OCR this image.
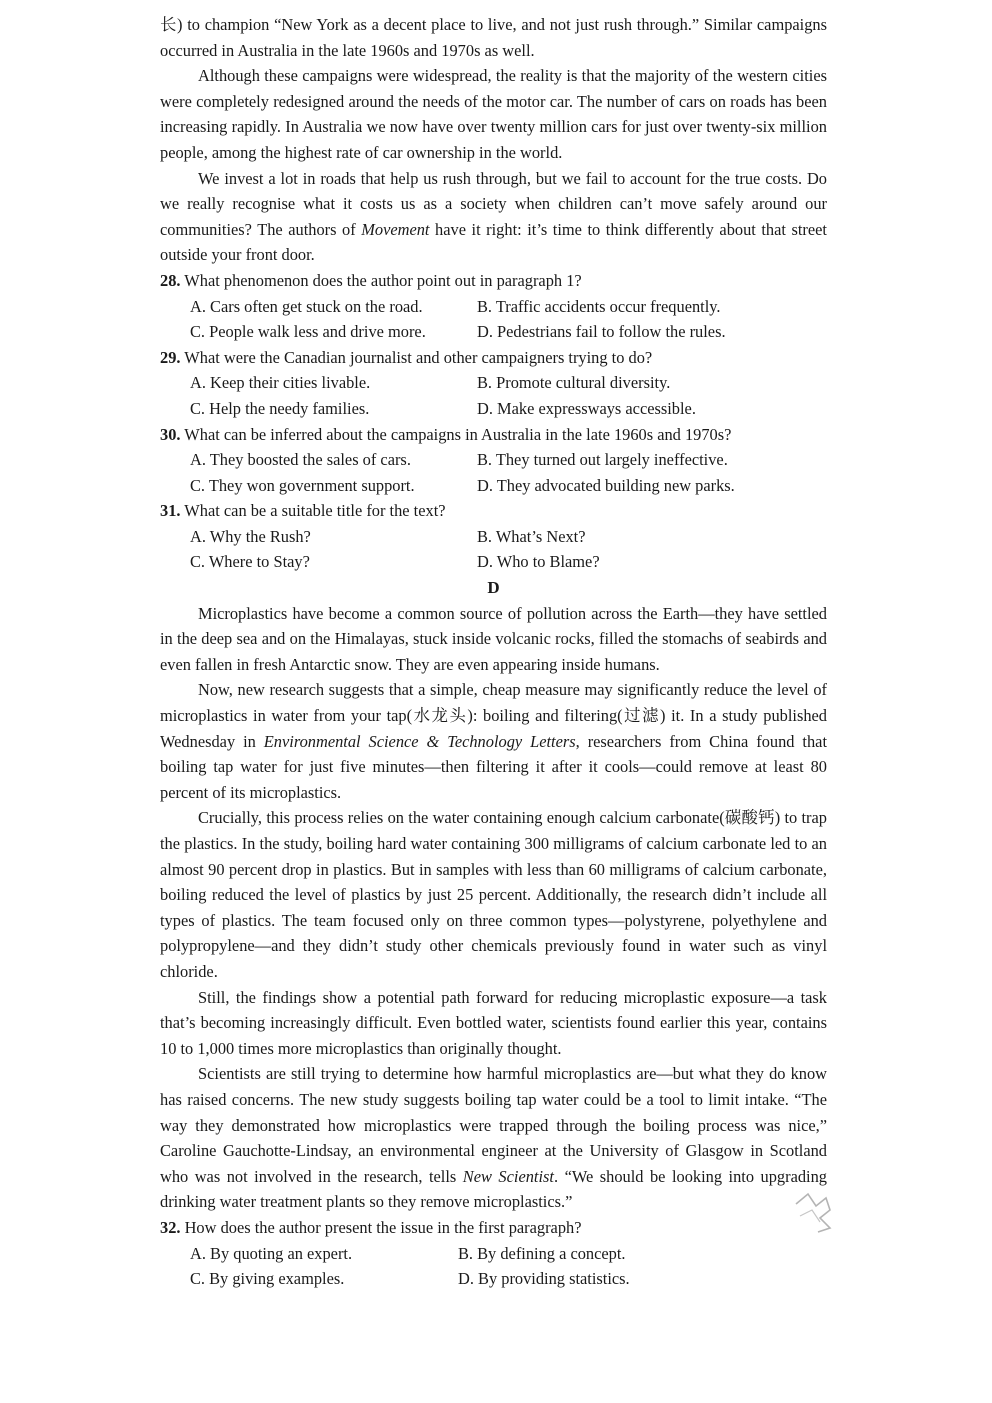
长) to champion “New York as a decent place to live, and not just rush through.” Similar campaigns occurred in Australia in the late 1960s and 1970s as well.

Although these campaigns were widespread, the reality is that the majority of the western cities were completely redesigned around the needs of the motor car. The number of cars on roads has been increasing rapidly. In Australia we now have over twenty million cars for just over twenty-six million people, among the highest rate of car ownership in the world.

We invest a lot in roads that help us rush through, but we fail to account for the true costs. Do we really recognise what it costs us as a society when children can’t move safely around our communities? The authors of Movement have it right: it’s time to think differently about that street outside your front door.

28. What phenomenon does the author point out in paragraph 1?

A. Cars often get stuck on the road.	B. Traffic accidents occur frequently.
C. People walk less and drive more.	D. Pedestrians fail to follow the rules.

29. What were the Canadian journalist and other campaigners trying to do?

A. Keep their cities livable.	B. Promote cultural diversity.
C. Help the needy families.	D. Make expressways accessible.

30. What can be inferred about the campaigns in Australia in the late 1960s and 1970s?

A. They boosted the sales of cars.	B. They turned out largely ineffective.
C. They won government support.	D. They advocated building new parks.

31. What can be a suitable title for the text?

A. Why the Rush?	B. What’s Next?
C. Where to Stay?	D. Who to Blame?

D

Microplastics have become a common source of pollution across the Earth—they have settled in the deep sea and on the Himalayas, stuck inside volcanic rocks, filled the stomachs of seabirds and even fallen in fresh Antarctic snow. They are even appearing inside humans.

Now, new research suggests that a simple, cheap measure may significantly reduce the level of microplastics in water from your tap(水龙头): boiling and filtering(过滤) it. In a study published Wednesday in Environmental Science & Technology Letters, researchers from China found that boiling tap water for just five minutes—then filtering it after it cools—could remove at least 80 percent of its microplastics.

Crucially, this process relies on the water containing enough calcium carbonate(碳酸钙) to trap the plastics. In the study, boiling hard water containing 300 milligrams of calcium carbonate led to an almost 90 percent drop in plastics. But in samples with less than 60 milligrams of calcium carbonate, boiling reduced the level of plastics by just 25 percent. Additionally, the research didn’t include all types of plastics. The team focused only on three common types—polystyrene, polyethylene and polypropylene—and they didn’t study other chemicals previously found in water such as vinyl chloride.

Still, the findings show a potential path forward for reducing microplastic exposure—a task that’s becoming increasingly difficult. Even bottled water, scientists found earlier this year, contains 10 to 1,000 times more microplastics than originally thought.

Scientists are still trying to determine how harmful microplastics are—but what they do know has raised concerns. The new study suggests boiling tap water could be a tool to limit intake. “The way they demonstrated how microplastics were trapped through the boiling process was nice,” Caroline Gauchotte-Lindsay, an environmental engineer at the University of Glasgow in Scotland who was not involved in the research, tells New Scientist. “We should be looking into upgrading drinking water treatment plants so they remove microplastics.”

32. How does the author present the issue in the first paragraph?

A. By quoting an expert.	B. By defining a concept.
C. By giving examples.	D. By providing statistics.
